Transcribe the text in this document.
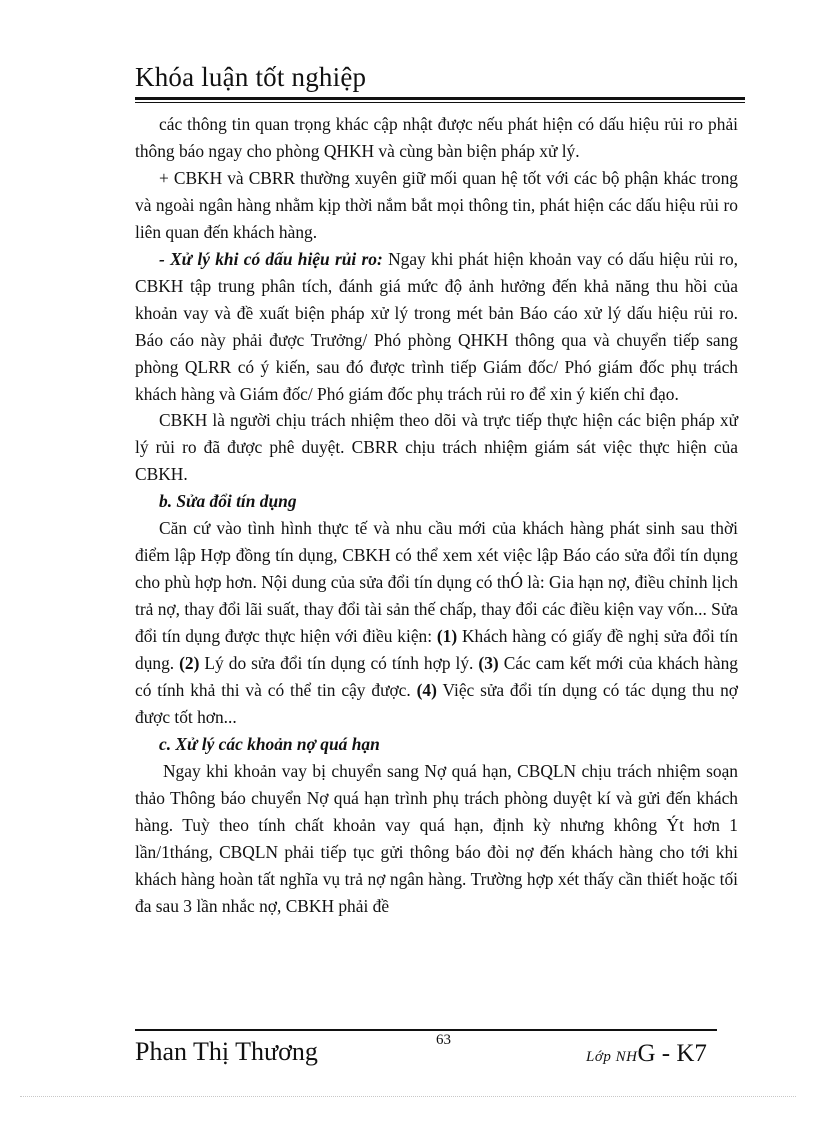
Khóa luận tốt nghiệp

các thông tin quan trọng khác cập nhật được nếu phát hiện có dấu hiệu rủi ro phải thông báo ngay cho phòng QHKH và cùng bàn biện pháp xử lý.

+ CBKH và CBRR thường xuyên giữ mối quan hệ tốt với các bộ phận khác trong và ngoài ngân hàng nhằm kịp thời nắm bắt mọi thông tin, phát hiện các dấu hiệu rủi ro liên quan đến khách hàng.

- Xử lý khi có dấu hiệu rủi ro: Ngay khi phát hiện khoản vay có dấu hiệu rủi ro, CBKH tập trung phân tích, đánh giá mức độ ảnh hưởng đến khả năng thu hồi của khoản vay và đề xuất biện pháp xử lý trong mét bản Báo cáo xử lý dấu hiệu rủi ro. Báo cáo này phải được Trưởng/ Phó phòng QHKH thông qua và chuyển tiếp sang phòng QLRR có ý kiến, sau đó được trình tiếp Giám đốc/ Phó giám đốc phụ trách khách hàng và Giám đốc/ Phó giám đốc phụ trách rủi ro để xin ý kiến chỉ đạo.

CBKH là người chịu trách nhiệm theo dõi và trực tiếp thực hiện các biện pháp xử lý rủi ro đã được phê duyệt. CBRR chịu trách nhiệm giám sát việc thực hiện của CBKH.

b. Sửa đổi tín dụng

Căn cứ vào tình hình thực tế và nhu cầu mới của khách hàng phát sinh sau thời điểm lập Hợp đồng tín dụng, CBKH có thể xem xét việc lập Báo cáo sửa đổi tín dụng cho phù hợp hơn. Nội dung của sửa đổi tín dụng có thÓ là: Gia hạn nợ, điều chỉnh lịch trả nợ, thay đổi lãi suất, thay đổi tài sản thế chấp, thay đổi các điều kiện vay vốn... Sửa đổi tín dụng được thực hiện với điều kiện: (1) Khách hàng có giấy đề nghị sửa đổi tín dụng. (2) Lý do sửa đổi tín dụng có tính hợp lý. (3) Các cam kết mới của khách hàng có tính khả thi và có thể tin cậy được. (4) Việc sửa đổi tín dụng có tác dụng thu nợ được tốt hơn...

c. Xử lý các khoản nợ quá hạn

Ngay khi khoản vay bị chuyển sang Nợ quá hạn, CBQLN chịu trách nhiệm soạn thảo Thông báo chuyển Nợ quá hạn trình phụ trách phòng duyệt kí và gửi đến khách hàng. Tuỳ theo tính chất khoản vay quá hạn, định kỳ nhưng không Ýt hơn 1 lần/1tháng, CBQLN phải tiếp tục gửi thông báo đòi nợ đến khách hàng cho tới khi khách hàng hoàn tất nghĩa vụ trả nợ ngân hàng. Trường hợp xét thấy cần thiết hoặc tối đa sau 3 lần nhắc nợ, CBKH phải đề

Phan Thị Thương	63
Lớp NHG - K7
